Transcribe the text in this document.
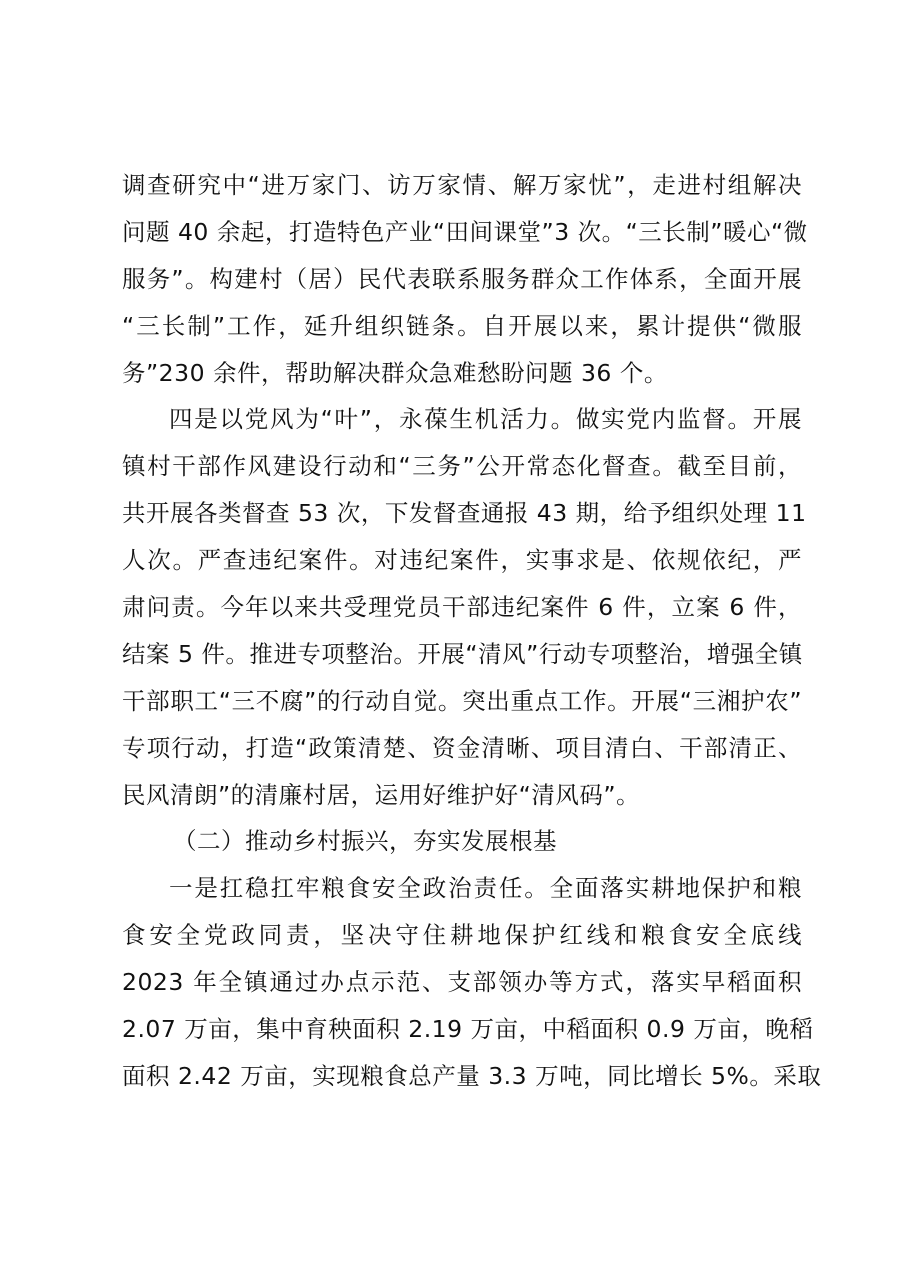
调查研究中“进万家门、访万家情、解万家忧”，走进村组解决
问题 40 余起，打造特色产业“田间课堂”3 次。“三长制”暖心“微
服务”。构建村（居）民代表联系服务群众工作体系，全面开展
“三长制”工作，延升组织链条。自开展以来，累计提供“微服
务”230 余件，帮助解决群众急难愁盼问题 36 个。
四是以党风为“叶”，永葆生机活力。做实党内监督。开展
镇村干部作风建设行动和“三务”公开常态化督查。截至目前，
共开展各类督查 53 次，下发督查通报 43 期，给予组织处理 11
人次。严查违纪案件。对违纪案件，实事求是、依规依纪，严
肃问责。今年以来共受理党员干部违纪案件 6 件，立案 6 件，
结案 5 件。推进专项整治。开展“清风”行动专项整治，增强全镇
干部职工“三不腐”的行动自觉。突出重点工作。开展“三湘护农”
专项行动，打造“政策清楚、资金清晰、项目清白、干部清正、
民风清朗”的清廉村居，运用好维护好“清风码”。
（二）推动乡村振兴，夯实发展根基
一是扛稳扛牢粮食安全政治责任。全面落实耕地保护和粮
食安全党政同责，坚决守住耕地保护红线和粮食安全底线
2023 年全镇通过办点示范、支部领办等方式，落实早稻面积
2.07 万亩，集中育秧面积 2.19 万亩，中稻面积 0.9 万亩，晚稻
面积 2.42 万亩，实现粮食总产量 3.3 万吨，同比增长 5%。采取
